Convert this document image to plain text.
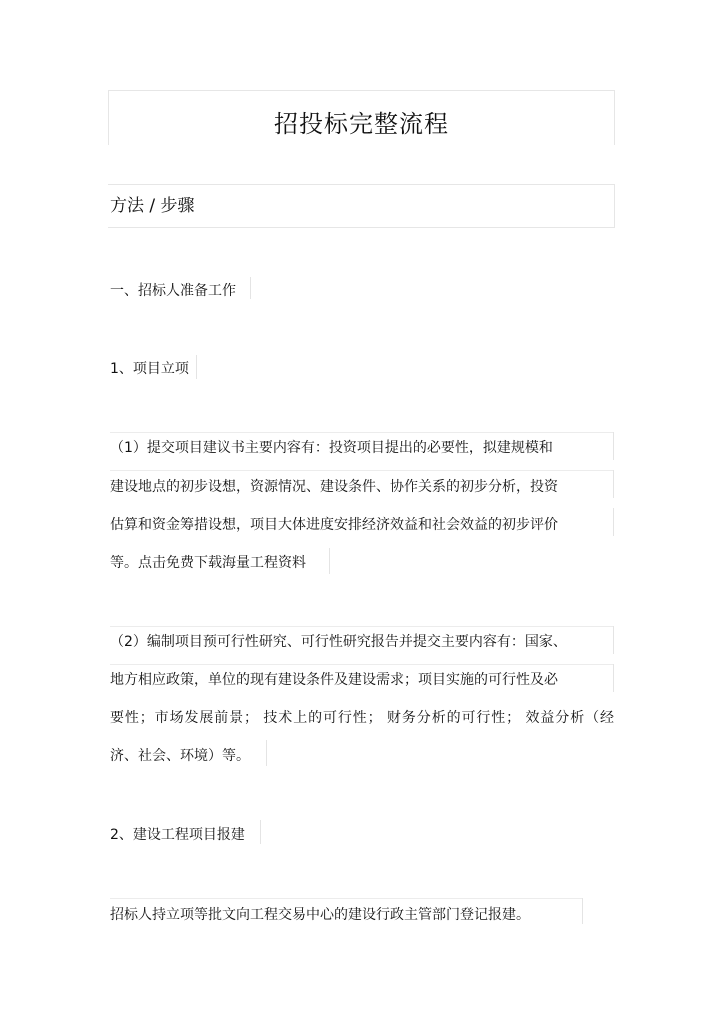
招投标完整流程
方法 / 步骤
一、招标人准备工作
1、项目立项
（1）提交项目建议书主要内容有：投资项目提出的必要性，拟建规模和
建设地点的初步设想，资源情况、建设条件、协作关系的初步分析，投资
估算和资金筹措设想，项目大体进度安排经济效益和社会效益的初步评价
等。点击免费下载海量工程资料
（2）编制项目预可行性研究、可行性研究报告并提交主要内容有：国家、
地方相应政策，单位的现有建设条件及建设需求；项目实施的可行性及必
要性；市场发展前景； 技术上的可行性； 财务分析的可行性； 效益分析（经
济、社会、环境）等。
2、建设工程项目报建
招标人持立项等批文向工程交易中心的建设行政主管部门登记报建。
